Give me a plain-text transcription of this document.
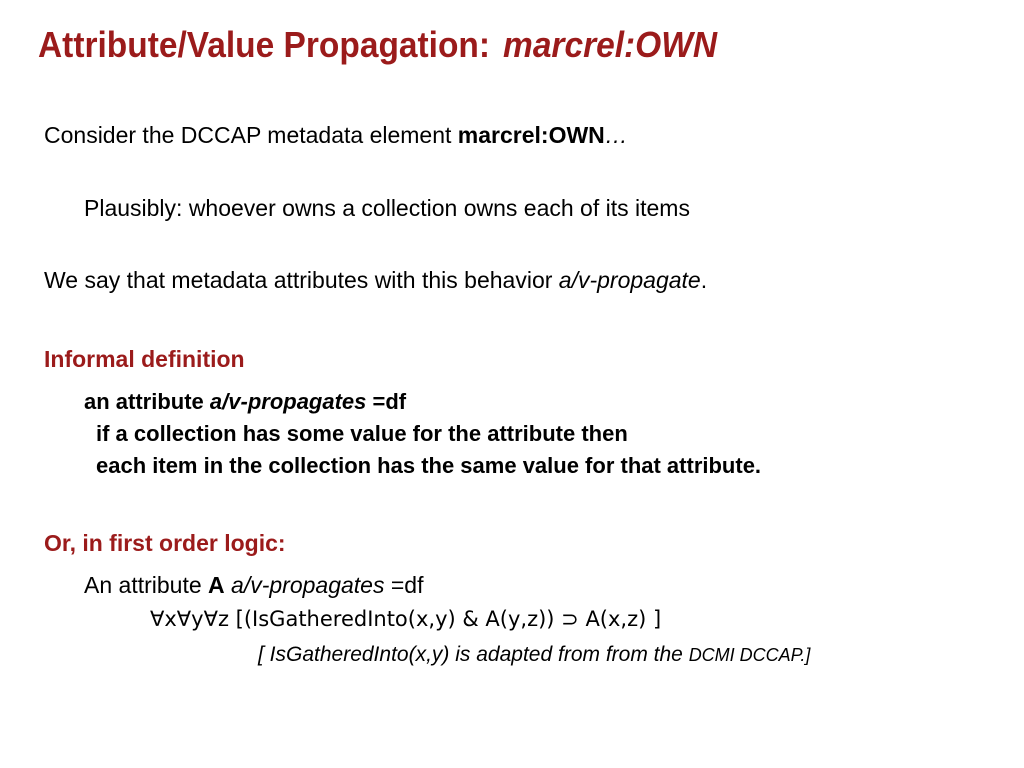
Attribute/Value Propagation: marcrel:OWN
Consider the DCCAP metadata element marcrel:OWN…
Plausibly: whoever owns a collection owns each of its items
We say that metadata attributes with this behavior a/v-propagate.
Informal definition
an attribute a/v-propagates =df
if a collection has some value for the attribute then
each item in the collection has the same value for that attribute.
Or, in first order logic:
An attribute A a/v-propagates =df
∀x∀y∀z [(IsGatheredInto(x,y) & A(y,z)) ⊃ A(x,z) ]
[ IsGatheredInto(x,y) is adapted from from the DCMI DCCAP.]
